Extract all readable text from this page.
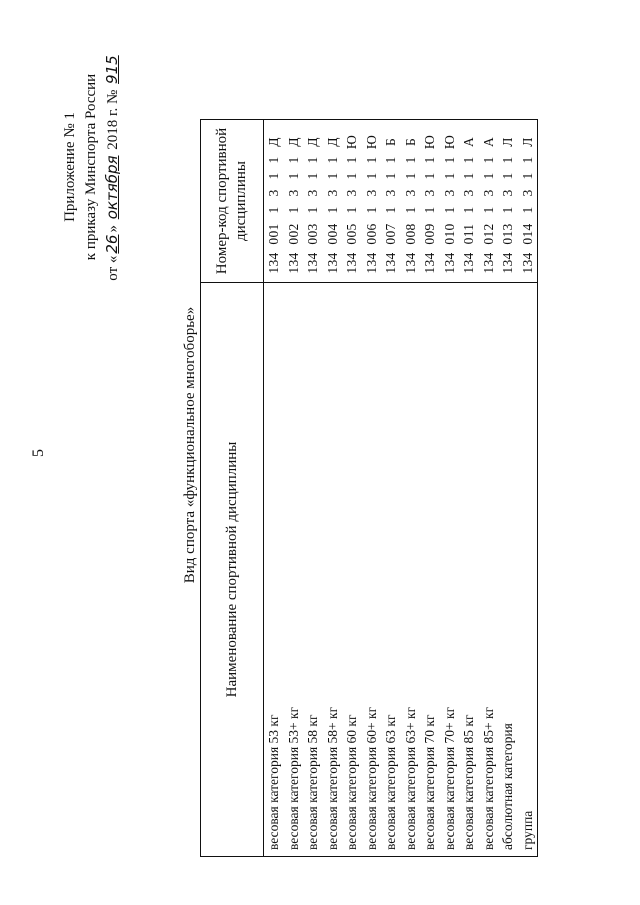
5
Приложение № 1 к приказу Минспорта России
от «26» октября 2018 г. № 915
Вид спорта «функциональное многоборье» Наименование спортивной дисциплины	Номер-код спортивной дисциплины
весовая категория 53 кг	1340011311Д
весовая категория 53+ кг	1340021311Д
весовая категория 58 кг	1340031311Д
весовая категория 58+ кг	1340041311Д
весовая категория 60 кг	1340051311Ю
весовая категория 60+ кг	1340061311Ю
весовая категория 63 кг	1340071311Б
весовая категория 63+ кг	1340081311Б
весовая категория 70 кг	1340091311Ю
весовая категория 70+ кг	1340101311Ю
весовая категория 85 кг	1340111311А
весовая категория 85+ кг	1340121311А
абсолютная категория	1340131311Л
группа	1340141311Л
